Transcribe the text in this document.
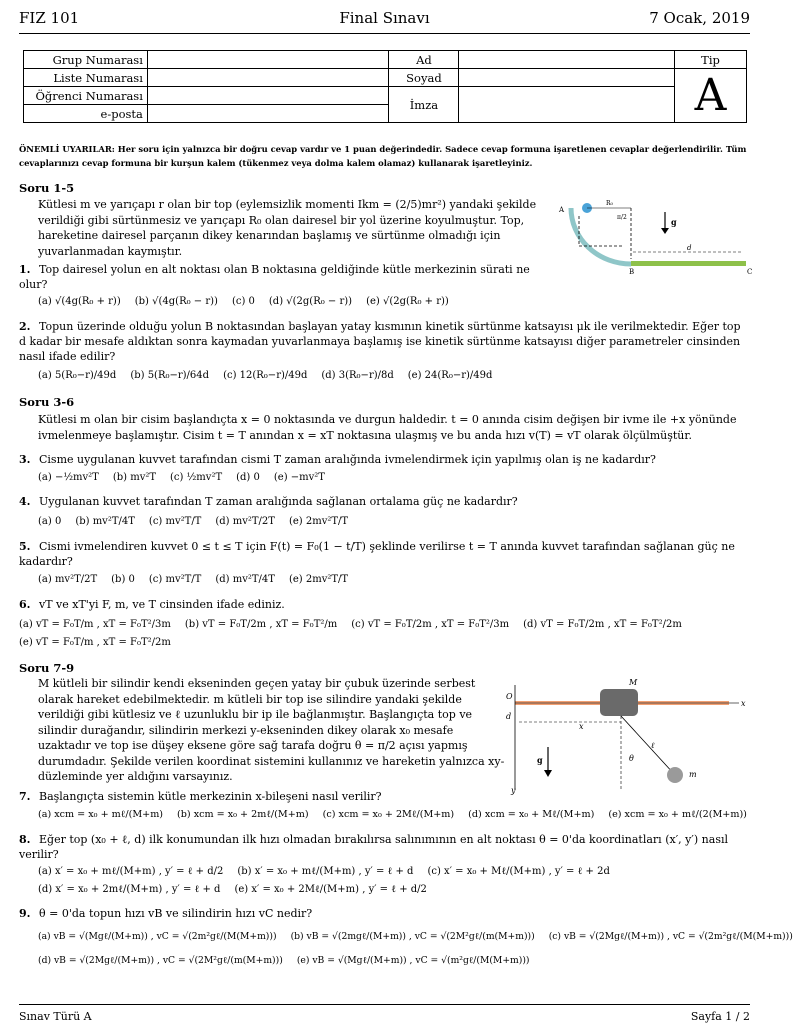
FIZ 101	Final Sınavı	7 Ocak, 2019
Grup Numarası		Ad		Tip
Liste Numarası		Soyad		A
Öğrenci Numarası		İmza		
e-posta				
ÖNEMLİ UYARILAR: Her soru için yalnızca bir doğru cevap vardır ve 1 puan değerindedir. Sadece cevap formuna işaretlenen cevaplar değerlendirilir. Tüm cevaplarınızı cevap formuna bir kurşun kalem (tükenmez veya dolma kalem olamaz) kullanarak işaretleyiniz.
Soru 1-5
Kütlesi m ve yarıçapı r olan bir top (eylemsizlik momenti Ikm = (2/5)mr²) yandaki şekilde verildiği gibi sürtünmesiz ve yarıçapı R₀ olan dairesel bir yol üzerine koyulmuştur. Top, hareketine dairesel parçanın dikey kenarından başlamış ve sürtünme olmadığı için yuvarlanmadan kaymıştır.
A
R₀
π/2	g
d
B	C
1. Top dairesel yolun en alt noktası olan B noktasına geldiğinde kütle merkezinin sürati ne olur?
(a) √(4g(R₀ + r)) (b) √(4g(R₀ − r)) (c) 0 (d) √(2g(R₀ − r)) (e) √(2g(R₀ + r))
2. Topun üzerinde olduğu yolun B noktasından başlayan yatay kısmının kinetik sürtünme katsayısı μk ile verilmektedir. Eğer top d kadar bir mesafe aldıktan sonra kaymadan yuvarlanmaya başlamış ise kinetik sürtünme katsayısı diğer parametreler cinsinden nasıl ifade edilir?
(a) 5(R₀−r)/49d (b) 5(R₀−r)/64d (c) 12(R₀−r)/49d (d) 3(R₀−r)/8d (e) 24(R₀−r)/49d
Soru 3-6
Kütlesi m olan bir cisim başlandıçta x = 0 noktasında ve durgun haldedir. t = 0 anında cisim değişen bir ivme ile +x yönünde ivmelenmeye başlamıştır. Cisim t = T anından x = xT noktasına ulaşmış ve bu anda hızı v(T) = vT olarak ölçülmüştür.
3. Cisme uygulanan kuvvet tarafından cismi T zaman aralığında ivmelendirmek için yapılmış olan iş ne kadardır?
(a) −½mv²T (b) mv²T (c) ½mv²T (d) 0 (e) −mv²T
4. Uygulanan kuvvet tarafından T zaman aralığında sağlanan ortalama güç ne kadardır?
(a) 0 (b) mv²T/4T (c) mv²T/T (d) mv²T/2T (e) 2mv²T/T
5. Cismi ivmelendiren kuvvet 0 ≤ t ≤ T için F(t) = F₀(1 − t/T) şeklinde verilirse t = T anında kuvvet tarafından sağlanan güç ne kadardır?
(a) mv²T/2T (b) 0 (c) mv²T/T (d) mv²T/4T (e) 2mv²T/T
6. vT ve xT'yi F, m, ve T cinsinden ifade ediniz.
(a) vT = F₀T/m , xT = F₀T²/3m (b) vT = F₀T/2m , xT = F₀T²/m (c) vT = F₀T/2m , xT = F₀T²/3m (d) vT = F₀T/2m , xT = F₀T²/2m
(e) vT = F₀T/m , xT = F₀T²/2m
Soru 7-9
M kütleli bir silindir kendi ekseninden geçen yatay bir çubuk üzerinde serbest olarak hareket edebilmektedir. m kütleli bir top ise silindire yandaki şekilde verildiği gibi kütlesiz ve ℓ uzunluklu bir ip ile bağlanmıştır. Başlangıçta top ve silindir durağandır, silindirin merkezi y-ekseninden dikey olarak x₀ mesafe uzaktadır ve top ise düşey eksene göre sağ tarafa doğru θ = π/2 açısı yapmış durumdadır. Şekilde verilen koordinat sistemini kullanınız ve hareketin yalnızca xy-düzleminde yer aldığını varsayınız.
M
O
x
d
x
ℓ
θ
m
g
y
7. Başlangıçta sistemin kütle merkezinin x-bileşeni nasıl verilir?
(a) xcm = x₀ + mℓ/(M+m) (b) xcm = x₀ + 2mℓ/(M+m) (c) xcm = x₀ + 2Mℓ/(M+m) (d) xcm = x₀ + Mℓ/(M+m) (e) xcm = x₀ + mℓ/(2(M+m))
8. Eğer top (x₀ + ℓ, d) ilk konumundan ilk hızı olmadan bırakılırsa salınımının en alt noktası θ = 0'da koordinatları (x′, y′) nasıl verilir?
(a) x′ = x₀ + mℓ/(M+m) , y′ = ℓ + d/2 (b) x′ = x₀ + mℓ/(M+m) , y′ = ℓ + d (c) x′ = x₀ + Mℓ/(M+m) , y′ = ℓ + 2d
(d) x′ = x₀ + 2mℓ/(M+m) , y′ = ℓ + d (e) x′ = x₀ + 2Mℓ/(M+m) , y′ = ℓ + d/2
9. θ = 0'da topun hızı vB ve silindirin hızı vC nedir?
(a) vB = √(Mgℓ/(M+m)) , vC = √(2m²gℓ/(M(M+m))) (b) vB = √(2mgℓ/(M+m)) , vC = √(2M²gℓ/(m(M+m))) (c) vB = √(2Mgℓ/(M+m)) , vC = √(2m²gℓ/(M(M+m)))
(d) vB = √(2Mgℓ/(M+m)) , vC = √(2M²gℓ/(m(M+m))) (e) vB = √(Mgℓ/(M+m)) , vC = √(m²gℓ/(M(M+m)))
Sınav Türü A	Sayfa 1 / 2
